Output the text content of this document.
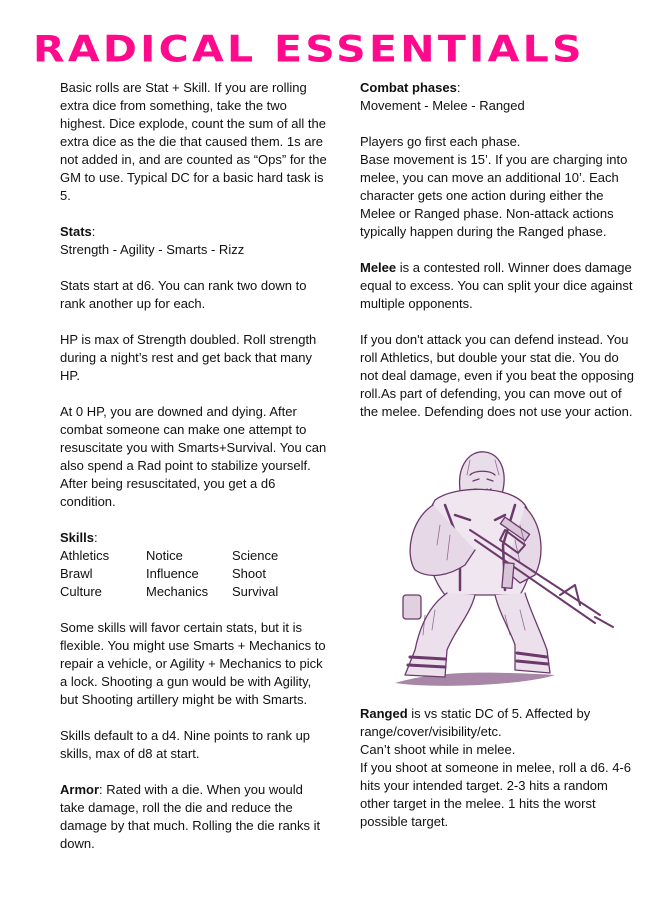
RADICAL ESSENTIALS

Basic rolls are Stat + Skill. If you are rolling extra dice from something, take the two highest. Dice explode, count the sum of all the extra dice as the die that caused them. 1s are not added in, and are counted as “Ops” for the GM to use. Typical DC for a basic hard task is 5.

Stats:

Strength - Agility - Smarts - Rizz

Stats start at d6. You can rank two down to rank another up for each.

HP is max of Strength doubled. Roll strength during a night’s rest and get back that many HP.

At 0 HP, you are downed and dying. After combat someone can make one attempt to resuscitate you with Smarts+Survival. You can also spend a Rad point to stabilize yourself. After being resuscitated, you get a d6 condition.

Skills:

Athletics	Notice	Science
Brawl	Influence	Shoot
Culture	Mechanics	Survival

Some skills will favor certain stats, but it is flexible. You might use Smarts + Mechanics to repair a vehicle, or Agility + Mechanics to pick a lock. Shooting a gun would be with Agility, but Shooting artillery might be with Smarts.

Skills default to a d4. Nine points to rank up skills, max of d8 at start.

Armor: Rated with a die. When you would take damage, roll the die and reduce the damage by that much. Rolling the die ranks it down.

Combat phases:

Movement - Melee - Ranged

Players go first each phase.

Base movement is 15’. If you are charging into melee, you can move an additional 10’. Each character gets one action during either the Melee or Ranged phase. Non-attack actions typically happen during the Ranged phase.

Melee is a contested roll. Winner does damage equal to excess. You can split your dice against multiple opponents.

If you don't attack you can defend instead. You roll Athletics, but double your stat die. You do not deal damage, even if you beat the opposing roll.As part of defending, you can move out of the melee. Defending does not use your action.

Ranged is vs static DC of 5. Affected by range/cover/visibility/etc.

Can’t shoot while in melee.

If you shoot at someone in melee, roll a d6. 4-6 hits your intended target. 2-3 hits a random other target in the melee. 1 hits the worst possible target.
